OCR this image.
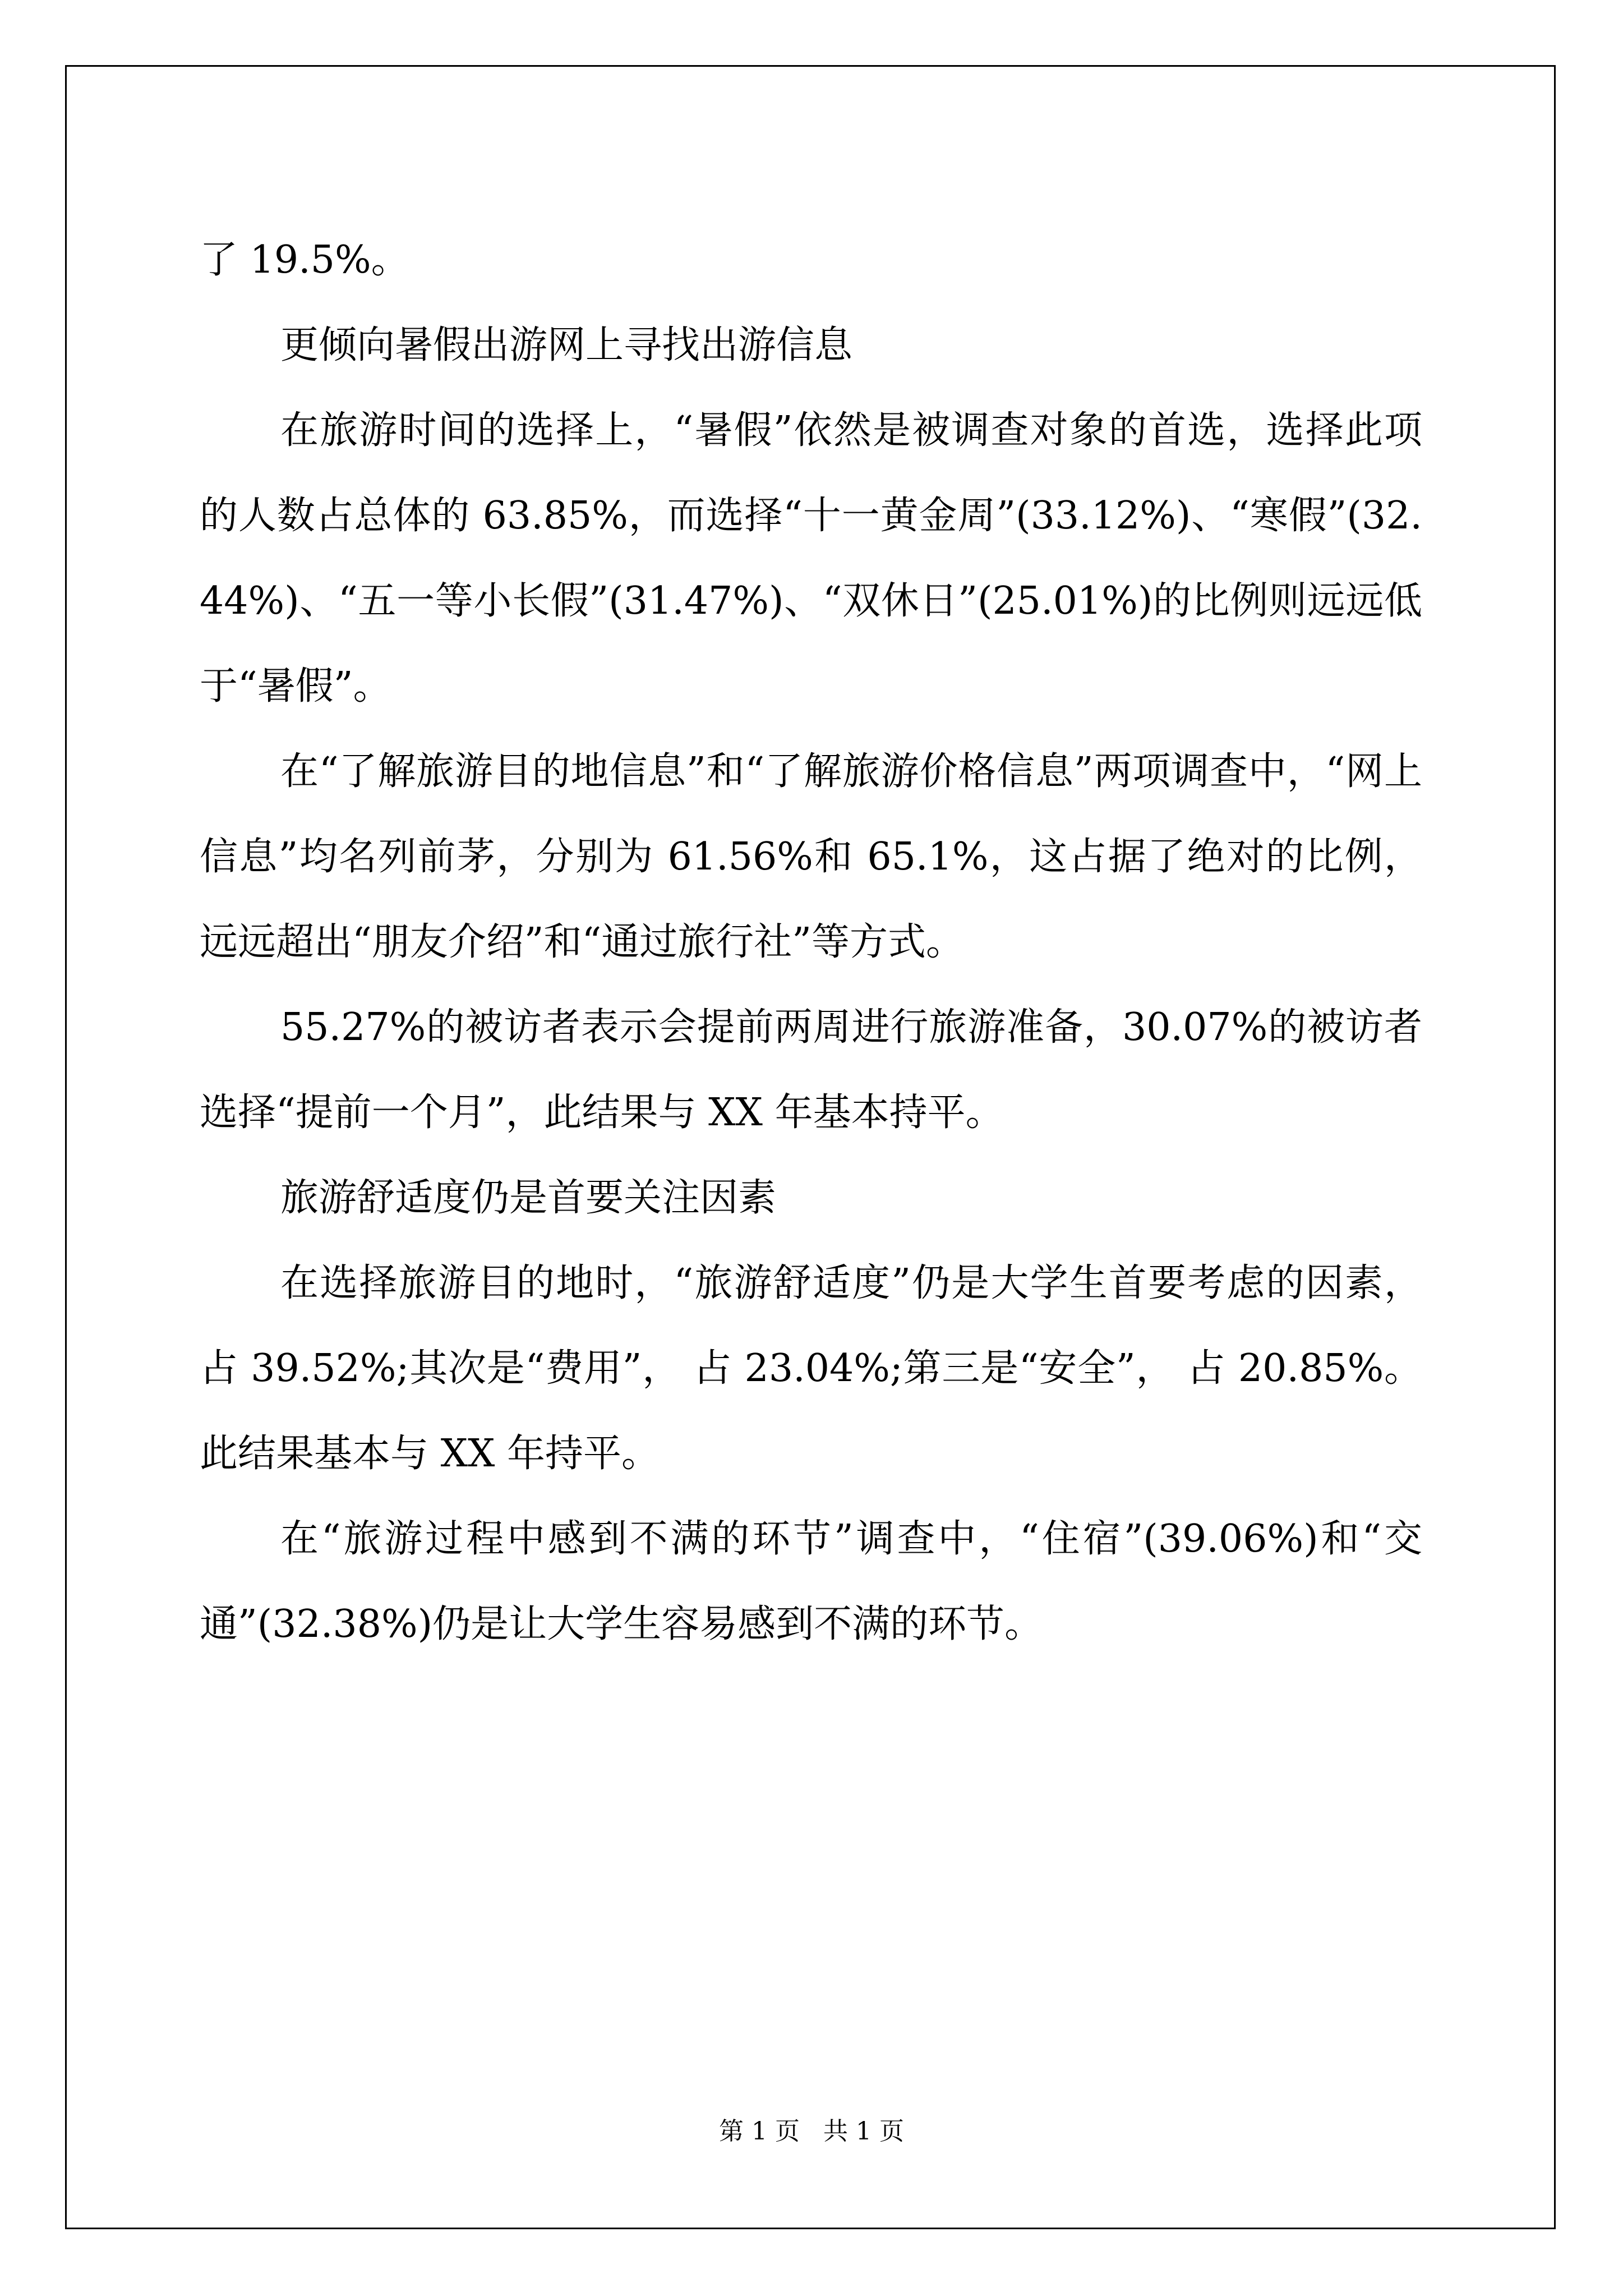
了 19.5%。

更倾向暑假出游网上寻找出游信息

在旅游时间的选择上，“暑假”依然是被调查对象的首选，选择此项的人数占总体的 63.85%，而选择“十一黄金周”(33.12%)、“寒假”(32.44%)、“五一等小长假”(31.47%)、“双休日”(25.01%)的比例则远远低于“暑假”。

在“了解旅游目的地信息”和“了解旅游价格信息”两项调查中，“网上信息”均名列前茅，分别为 61.56%和 65.1%，这占据了绝对的比例，远远超出“朋友介绍”和“通过旅行社”等方式。

55.27%的被访者表示会提前两周进行旅游准备，30.07%的被访者选择“提前一个月”，此结果与 XX 年基本持平。

旅游舒适度仍是首要关注因素

在选择旅游目的地时，“旅游舒适度”仍是大学生首要考虑的因素， 占 39.52%;其次是“费用”， 占 23.04%;第三是“安全”， 占 20.85%。此结果基本与 XX 年持平。

在“旅游过程中感到不满的环节”调查中，“住宿”(39.06%)和“交通”(32.38%)仍是让大学生容易感到不满的环节。

第 1 页 共 1 页
